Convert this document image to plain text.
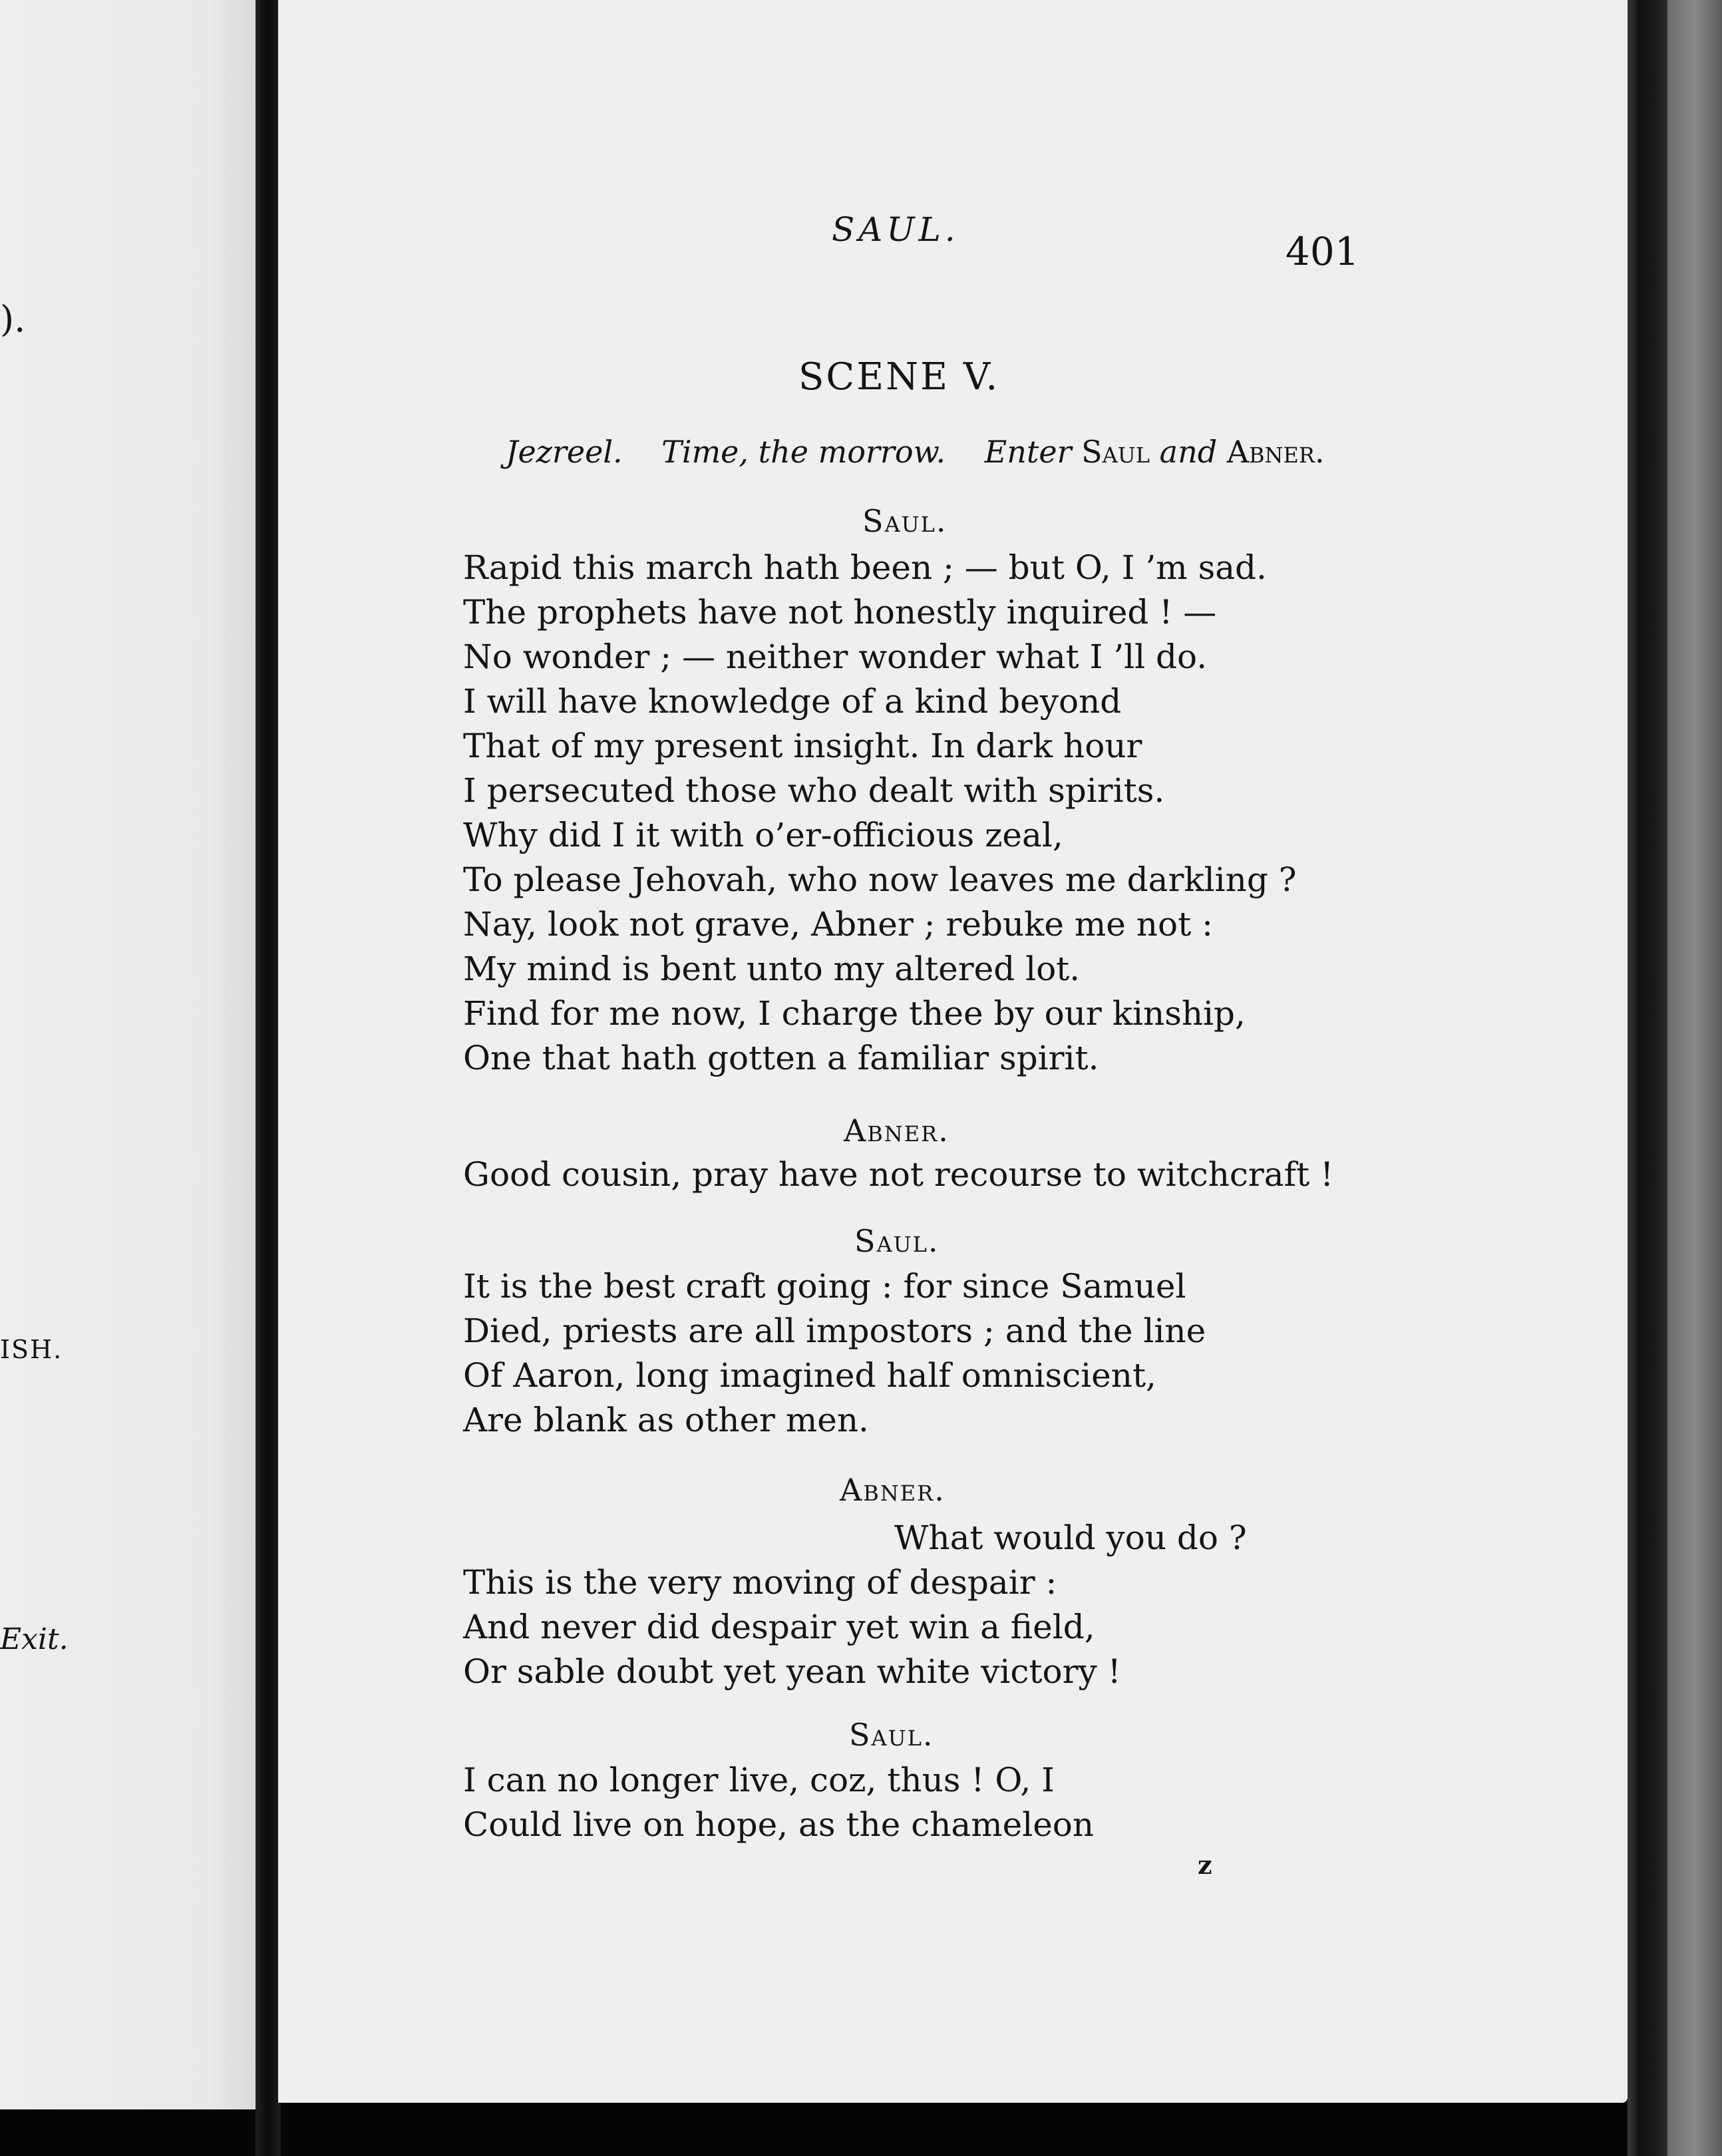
).
ISH.
Exit.
SAUL.	401
SCENE V.
Jezreel. Time, the morrow. Enter Saul and Abner.
Saul.
Rapid this march hath been ; — but O, I ’m sad.
The prophets have not honestly inquired ! —
No wonder ; — neither wonder what I ’ll do.
I will have knowledge of a kind beyond
That of my present insight. In dark hour
I persecuted those who dealt with spirits.
Why did I it with o’er-officious zeal,
To please Jehovah, who now leaves me darkling ?
Nay, look not grave, Abner ; rebuke me not :
My mind is bent unto my altered lot.
Find for me now, I charge thee by our kinship,
One that hath gotten a familiar spirit.
Abner.
Good cousin, pray have not recourse to witchcraft !
Saul.
It is the best craft going : for since Samuel
Died, priests are all impostors ; and the line
Of Aaron, long imagined half omniscient,
Are blank as other men.
Abner.
What would you do ?
This is the very moving of despair :
And never did despair yet win a field,
Or sable doubt yet yean white victory !
Saul.
I can no longer live, coz, thus ! O, I
Could live on hope, as the chameleon
z
